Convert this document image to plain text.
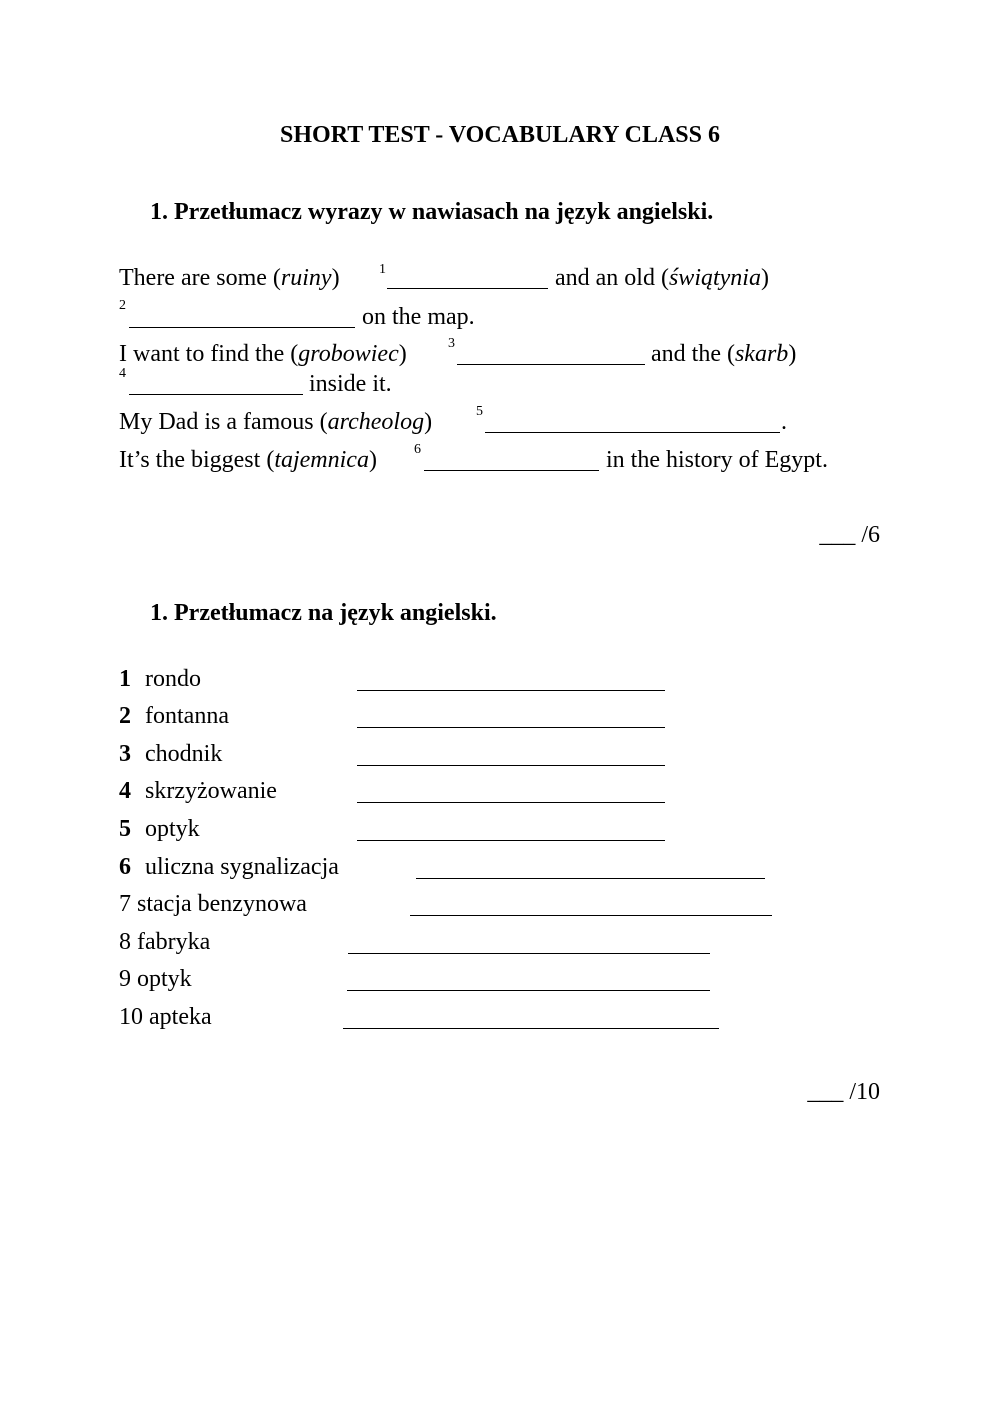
SHORT TEST - VOCABULARY CLASS 6
1. Przetłumacz wyrazy w nawiasach na język angielski.
There are some (ruiny)	1	and an old (świątynia)
2	on the map.
I want to find the (grobowiec)	3	and the (skarb)
4	inside it.
My Dad is a famous (archeolog)	5	.
It’s the biggest (tajemnica)	6	in the history of Egypt.
___ /6
1. Przetłumacz na język angielski.
1 rondo
2 fontanna
3 chodnik
4 skrzyżowanie
5 optyk
6 uliczna sygnalizacja
7 stacja benzynowa
8 fabryka
9 optyk
10 apteka
___ /10
